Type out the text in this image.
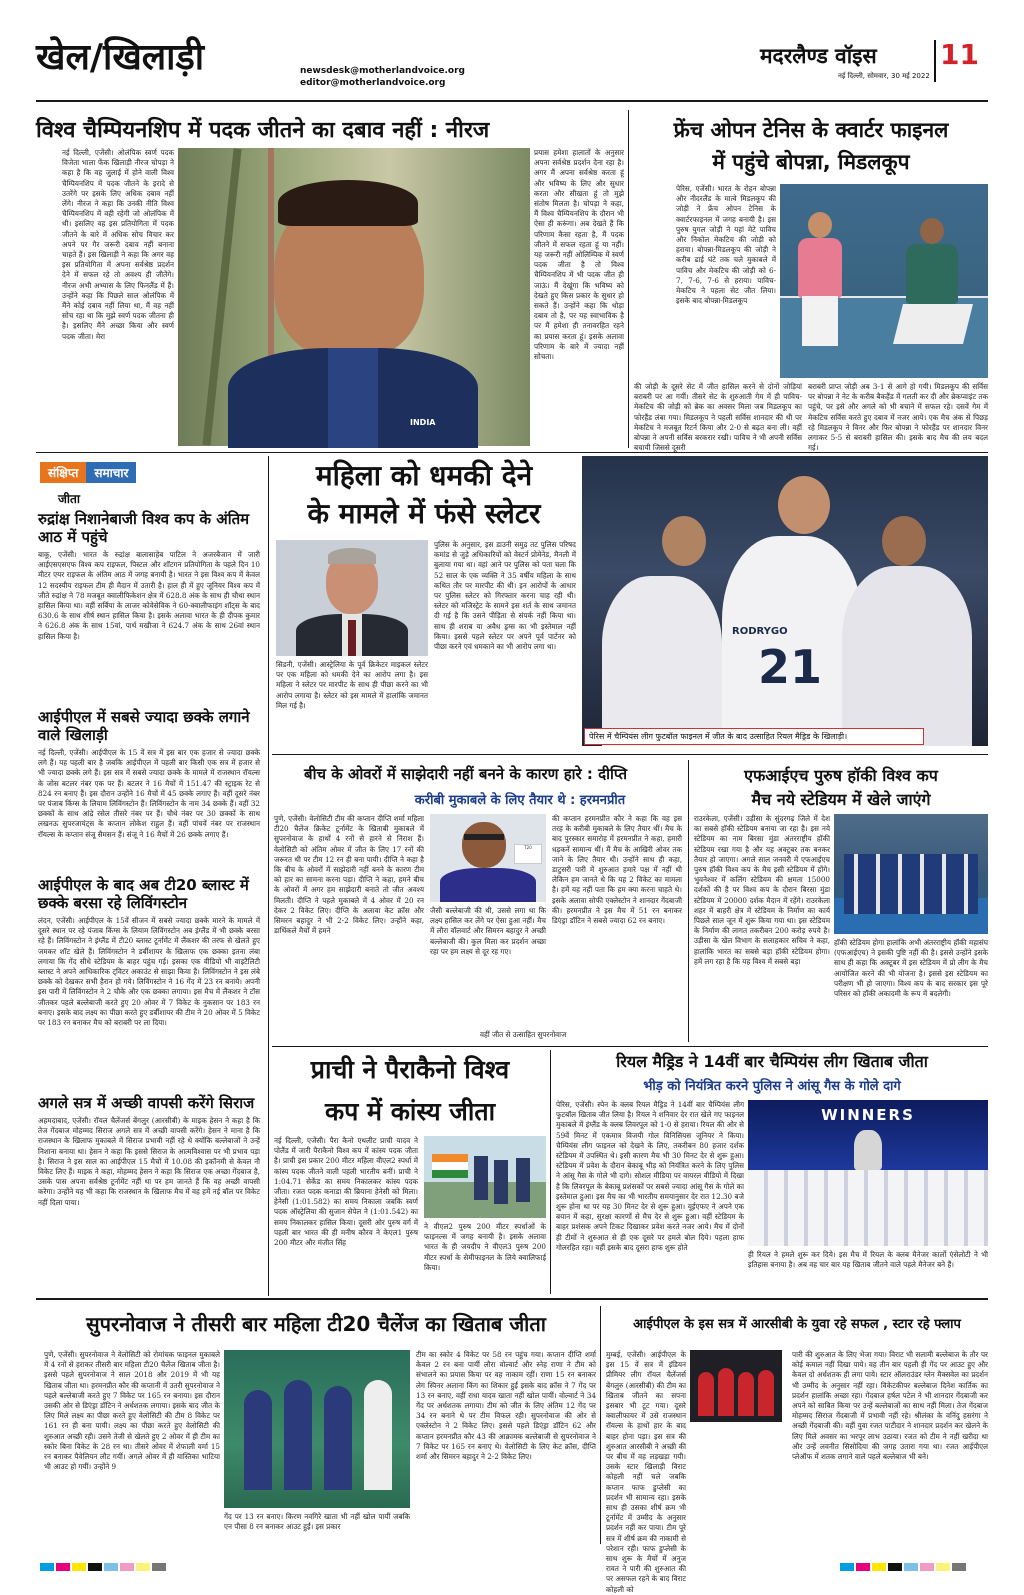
खेल/खिलाड़ी	newsdesk@motherlandvoice.org
editor@motherlandvoice.org
मदरलैण्ड वॉइस 11
नई दिल्ली, सोमवार, 30 मई 2022
विश्व चैम्पियनशिप में पदक जीतने का दबाव नहीं : नीरज
नई दिल्ली, एजेंसी। ओलंपिक स्वर्ण पदक विजेता भाला फेंक खिलाड़ी नीरज चोपड़ा ने कहा है कि वह जुलाई में होने वाली विश्व चैम्पियनशिप में पदक जीतने के इरादे से उतरेंगे पर इसके लिए अधिक दबाव नहीं लेंगे। नीरज ने कहा कि उनकी नीति विश्व चैम्पियनशिप में वही रहेगी जो ओलंपिक में थी। इसलिए वह इस प्रतियोगिता में पदक जीतने के बारे में अधिक सोच विचार कर अपने पर गैर जरूरी दबाव नहीं बनाना चाहते हैं। इस खिलाड़ी ने कहा कि अगर वह इस प्रतियोगिता में अपना सर्वश्रेष्ठ प्रदर्शन देने में सफल रहे तो अवश्य ही जीतेंगे। नीरज अभी अभ्यास के लिए फिनलैंड में हैं। उन्होंने कहा कि पिछले साल ओलंपिक में मैंने कोई दबाव नहीं लिया था, मैं वह नहीं सोच रहा था कि मुझे स्वर्ण पदक जीतना ही है। इसलिए मैंने अच्छा किया और स्वर्ण पदक जीता। मेरा
INDIA
प्रयास हमेशा हालातों के अनुसार अपना सर्वश्रेष्ठ प्रदर्शन देना रहा है। अगर मैं अपना सर्वश्रेष्ठ करता हूं और भविष्य के लिए और सुधार करता और सीखता हूं तो मुझे संतोष मिलता है। चोपड़ा ने कहा, मैं विश्व चैम्पियनशिप के दौरान भी ऐसा ही करूंगा। अब देखते हैं कि परिणाम कैसा रहता है, मैं पदक जीतने में सफल रहता हूं या नहीं। यह जरूरी नहीं ओलिम्पिक में स्वर्ण पदक जीता है तो विश्व चैम्पियनशिप में भी पदक जीत ही जाऊं। मैं देखूंगा कि भविष्य को देखते हुए किस प्रकार के सुधार हो सकते हैं। उन्होंने कहा कि थोड़ा दबाव तो है, पर यह स्वाभाविक है पर मैं हमेशा ही तनावरहित रहने का प्रयास करता हूं। इसके अलावा परिणाम के बारे में ज्यादा नहीं सोचता।
फ्रेंच ओपन टेनिस के क्वार्टर फाइनल
में पहुंचे बोपन्ना, मिडलकूप
पेरिस, एजेंसी। भारत के रोहन बोपन्ना और नीदरलैंड के मात्वे मिडलकूप की जोड़ी ने फ्रेंच ओपन टेनिस के क्वार्टरफाइनल में जगह बनायी है। इस पुरुष युगल जोड़ी ने यहां मेटे पाविच और निकोल मेकटिच की जोड़ी को हराया। बोपन्ना-मिडलकूप की जोड़ी ने करीब ढाई घंटे तक चले मुकाबले में पाविच और मेकटिच की जोड़ी को 6-7, 7-6, 7-6 से हराया। पाविच-मेकटिच ने पहला सेट जीत लिया। इसके बाद बोपन्ना-मिडलकूप
की जोड़ी के दूसरे सेट में जीत हासिल करने से दोनों जोड़ियां बराबरी पर आ गयीं। तीसरे सेट के शुरुआती गेम में ही पाविच-मेकटिच की जोड़ी को ब्रेक का अवसर मिला जब मिडलकूप का फोरहैंड लंबा गया। मिडलकूप ने पहली सर्विस शानदार की थी पर मेकटिच ने मजबूत रिटर्न किया और 2-0 से बढ़त बना ली। वहीं बोपन्ना ने अपनी सर्विस बरकरार रखी। पाविच ने भी अपनी सर्विस बचायी जिससे दूसरी
बराबरी प्राप्त जोड़ी अब 3-1 से आगे हो गयी। मिडलकूप की सर्विस पर बोपन्ना ने नेट के करीब बैकहैंड में गलती कर दी और ब्रेकप्वाइंट तक पहुंचे, पर इसे और अगले को भी बचाने में सफल रहे। दसवें गेम में मेकटिच सर्विस करते हुए दबाव में नजर आये। एक मैच अंक से पिछड़ रहे मिडलकूप ने विनर और फिर बोपन्ना ने फोरहैंड पर शानदार विनर लगाकर 5-5 से बराबरी हासिल की। इसके बाद मैच की लय बदल गई।
संक्षिप्त समाचार
जीता
रुद्रांक्ष निशानेबाजी विश्व कप के अंतिम आठ में पहुंचे
बाकू, एजेंसी। भारत के रुद्रांक्ष बालासाहेब पाटिल ने अजरबैजान में जारी आईएसएसएफ विश्व कप राइफल, पिस्टल और शॉटगन प्रतियोगिता के पहले दिन 10 मीटर एयर राइफल के अंतिम आठ में जगह बनायी है। भारत ने इस विश्व कप में केवल 12 सदस्यीय राइफल टीम ही मैदान में उतारी है। हाल ही में हुए जूनियर विश्व कप में जीते रुद्रांक्ष ने 78 मजबूत क्वालीफिकेशन क्षेत्र में 628.8 अंक के साथ ही चौथा स्थान हासिल किया था। वहीं सर्बिया के लाजर कोवेसेविक ने 60-क्वालीफाइंग शॉट्स के बाद 630.6 के साथ शीर्ष स्थान हासिल किया है। इसके अलावा भारत के ही दीपक कुमार ने 626.8 अंक के साथ 15वां, पार्थ मखीजा ने 624.7 अंक के साथ 26वां स्थान हासिल किया है।
आईपीएल में सबसे ज्यादा छक्के लगाने वाले खिलाड़ी
नई दिल्ली, एजेंसी। आईपीएल के 15 वें सत्र में इस बार एक हजार से ज्यादा छक्के लगे हैं। यह पहली बार है जबकि आईपीएल में पहली बार किसी एक सत्र में हजार से भी ज्यादा छक्के लगे हैं। इस सत्र में सबसे ज्यादा छक्के के मामले में राजस्थान रॉयल्स के जोस बटलर नंबर एक पर हैं। बटलर ने 16 मैचों में 151.47 की स्ट्राइक रेट से 824 रन बनाए हैं। इस दौरान उन्होंने 16 मैचों में 45 छक्के लगाए हैं। वहीं दूसरे नंबर पर पंजाब किंग्स के लियाम लिविंगस्टोन हैं। लिविंगस्टोन के नाम 34 छक्के हैं। वहीं 32 छक्कों के साथ आंद्रे रसेल तीसरे नंबर पर हैं। चौथे नंबर पर 30 छक्कों के साथ लखनऊ सुपरजायंट्स के कप्तान लोकेश राहुल हैं। वहीं पांचवें नंबर पर राजस्थान रॉयल्स के कप्तान संजू सैमसन हैं। संजू ने 16 मैचों में 26 छक्के लगाए हैं।
आईपीएल के बाद अब टी20 ब्लास्ट में छक्के बरसा रहे लिविंगस्टोन
लंदन, एजेंसी। आईपीएल के 15वें सीजन में सबसे ज्यादा छक्के मारने के मामले में दूसरे स्थान पर रहे पंजाब किंग्स के लियाम लिविंगस्टोन अब इंग्लैंड में भी छक्के बरसा रहे हैं। लिविंगस्टोन ने इंग्लैंड में टी20 ब्लास्ट टूर्नामेंट में लैंकशर की तरफ से खेलते हुए जमकर शॉट खेले हैं। लिविंगस्टोन ने डर्बीशायर के खिलाफ एक छक्का इतना लंबा लगाया कि गेंद सीधे स्टेडियम के बाहर पहुंच गई। इसका एक वीडियो भी वाइटैलिटी ब्लास्ट ने अपने आधिकारिक ट्विटर अकाउंट से साझा किया है। लिविंगस्टोन ने इस लंबे छक्के को देखकर सभी हैरान हो गये। लिविंगस्टोन ने 16 गेंद में 23 रन बनाये। अपनी इस पारी में लिविंगस्टोन ने 2 चौके और एक छक्का लगाया। इस मैच में लैंकशर ने टॉस जीतकर पहले बल्लेबाजी करते हुए 20 ओवर में 7 विकेट के नुकसान पर 183 रन बनाए। इसके बाद लक्ष्य का पीछा करते हुए डर्बीशायर की टीम ने 20 ओवर में 5 विकेट पर 183 रन बनाकर मैच को बराबरी पर ला दिया।
अगले सत्र में अच्छी वापसी करेंगे सिराज
अहमदाबाद, एजेंसी। रॉयल चैलेंजर्स बेंगलुर (आरसीबी) के माइक हेसन ने कहा है कि तेज गेंदबाज मोहम्मद सिराज अगले सत्र में अच्छी वापसी करेंगे। हेसन ने माना है कि राजस्थान के खिलाफ मुकाबले में सिराज प्रभावी नहीं रहे थे क्योंकि बल्लेबाजों ने उन्हें निशाना बनाया था। हेसन ने कहा कि इससे सिराज के आत्मविश्वास पर भी प्रभाव पड़ा है। सिराज ने इस साल का आईपीएल 15 मैचों में 10.08 की इकॉनमी से केवल नौ विकेट लिए हैं। माइक ने कहा, मोहम्मद हेसन ने कहा कि सिराज एक अच्छा गेंदबाज है, उसके पास अपना सर्वश्रेष्ठ टूर्नामेंट नहीं था पर हम जानते हैं कि वह अच्छी वापसी करेगा। उन्होंने यह भी कहा कि राजस्थान के खिलाफ मैच में वह हमें नई बॉल पर विकेट नहीं दिला पाया।
महिला को धमकी देने
के मामले में फंसे स्लेटर
सिडनी, एजेंसी। आस्ट्रेलिया के पूर्व क्रिकेटर माइकल स्लेटर पर एक महिला को धमकी देने का आरोप लगा है। इस महिला ने स्लेटर पर मारपीट के साथ ही पीछा करने का भी आरोप लगाया है। स्लेटर को इस मामले में हालांकि जमानत मिल गई है।
पुलिस के अनुसार, इस डाउनी समुद्र तट पुलिस परिषद कमांड से जुड़े अधिकारियों को वेस्टर्न प्रोमेनेड, मैनली में बुलाया गया था। वहां आने पर पुलिस को पता चला कि 52 साल के एक व्यक्ति ने 35 वर्षीय महिला के साथ कथित तौर पर मारपीट की थी। इन आरोपों के आधार पर पुलिस स्लेटर को गिरफ्तार करना चाह रही थी। स्लेटर को मजिस्ट्रेट के सामने इस शर्त के साथ जमानत दी गई है कि उसने पीड़िता से संपर्क नहीं किया था। साथ ही शराब या अवैध ड्रग्स का भी इस्तेमाल नहीं किया। इससे पहले स्लेटर पर अपने पूर्व पार्टनर को पीछा करने एवं धमकाने का भी आरोप लगा था।
RODRYGO
21
पेरिस में चैम्पियंस लीग फुटबॉल फाइनल में जीत के बाद उत्साहित रियल मैड्रिड के खिलाड़ी।
बीच के ओवरों में साझेदारी नहीं बनने के कारण हारे : दीप्ति
करीबी मुकाबले के लिए तैयार थे : हरमनप्रीत
पुणे, एजेंसी। वेलोसिटी टीम की कप्तान दीप्ति शर्मा महिला टी20 चैलेंज क्रिकेट टूर्नामेंट के खिताबी मुकाबले में सुपरनोवाज के हाथों 4 रनों से हारने से निराश हैं। वेलोसिटी को अंतिम ओवर में जीत के लिए 17 रनों की जरूरत थी पर टीम 12 रन ही बना पायी। दीप्ति ने कहा है कि बीच के ओवरों में साझेदारी नहीं बनने के कारण टीम को हार का सामना करना पड़ा। दीप्ति ने कहा, हमने बीच के ओवरों में अगर हम साझेदारी बनाते तो जीत अवश्य मिलती। दीप्ति ने पहले मुकाबले में 4 ओवर में 20 रन देकर 2 विकेट लिए। दीप्ति के अलावा केट क्रॉस और सिमरन बहादुर ने भी 2-2 विकेट लिए। उन्होंने कहा, डाथिंकले मैचों में हमने
T20
जैसी बल्लेबाजी की थी, उससे लगा था कि लक्ष्य हासिल कर लेंगे पर ऐसा हुआ नहीं। मैच में लौरा वॉलवार्ट और सिमरन बहादुर ने अच्छी बल्लेबाजी की। कुल मिला कर प्रदर्शन अच्छा रहा पर हम लक्ष्य से दूर रह गए।
वहीं जीत से उत्साहित सुपरनोवाज
की कप्तान हरमनप्रीत कौर ने कहा कि वह इस तरह के करीबी मुकाबले के लिए तैयार थीं। मैच के बाद पुरस्कार समारोह में हरमनप्रीत ने कहा, हमारी धड़कनें सामान्य थीं। मैं मैच के आखिरी ओवर तक जाने के लिए तैयार थी। उन्होंने साथ ही कहा, डाटुसरी पारी में शुरुआत हमारे पक्ष में नहीं थी लेकिन हम जानते थे कि यह 2 विकेट का मामला है। हमें यह नहीं पता कि हम क्या करना चाहते थे। इसके अलावा सोफी एक्लेस्टोन ने शानदार गेंदबाजी की। हरमनप्रीत ने इस मैच में 51 रन बनाकर डिएंड्रा डॉटिन ने सबसे ज्यादा 62 रन बनाए।
एफआईएच पुरुष हॉकी विश्व कप
मैच नये स्टेडियम में खेले जाएंगे
राउरकेला, एजेंसी। उड़ीसा के सुंदरगढ़ जिले में देश का सबसे हॉकी स्टेडियम बनाया जा रहा है। इस नये स्टेडियम का नाम बिरसा मुंडा अंतरराष्ट्रीय हॉकी स्टेडियम रखा गया है और यह अक्टूबर तक बनकर तैयार हो जाएगा। अगले साल जनवरी में एफआईएच पुरुष हॉकी विश्व कप के मैच इसी स्टेडियम में होंगे। भुवनेश्वर में कलिंग स्टेडियम की क्षमता 15000 दर्शकों की है पर विश्व कप के दौरान बिरसा मुंडा स्टेडियम में 20000 दर्शक मैदान में रहेंगे। राउरकेला शहर में बाहरी क्षेत्र में स्टेडियम के निर्माण का कार्य पिछले साल जून में शुरू किया गया था। इस स्टेडियम के निर्माण की लागत तकरीबन 200 करोड़ रुपये है। उड़ीसा के खेल विभाग के सलाहकार सचिव ने कहा, हालांकि भारत का सबसे बड़ा हॉकी स्टेडियम होगा। हमें लग रहा है कि यह विश्व में सबसे बड़ा
हॉकी स्टेडियम होगा हालांकि अभी अंतरराष्ट्रीय हॉकी महासंघ (एफआईएच) ने इसकी पुष्टि नहीं की है। इससे उन्होंने इसके साथ ही कहा कि अक्टूबर में इस स्टेडियम में प्रो लीग के मैच आयोजित करने की भी योजना है। इससे इस स्टेडियम का परीक्षण भी हो जाएगा। विश्व कप के बाद सरकार इस पूरे परिसर को हॉकी अकादमी के रूप में बदलेगी।
प्राची ने पैराकैनो विश्व
कप में कांस्य जीता
नई दिल्ली, एजेंसी। पैरा कैनो एथलीट प्राची यादव ने पोलैंड में जारी पैराकैनो विश्व कप में कांस्य पदक जीता है। प्राची इस प्रकार 200 मीटर महिला वीएल2 स्पर्धा में कांस्य पदक जीतने वाली पहली भारतीय बनीं। प्राची ने 1:04.71 सेकेंड का समय निकालकर कांस्य पदक जीता। रजत पदक कनाडा की ब्रियाना हेनेसी को मिला। हेनेसी (1:01.582) का समय निकाला जबकि स्वर्ण पदक ऑस्ट्रेलिया की सुजान सेपेल ने (1:01.542) का समय निकालकर हासिल किया। दूसरी ओर पुरुष वर्ग में पहली बार भारत की ही मनीष कौरव ने केएल1 पुरुष 200 मीटर और मंजीत सिंह
ने वीएल2 पुरुष 200 मीटर स्पर्धाओं के फाइनल्स में जगह बनायी है। इसके अलावा भारत के ही जयदीप ने वीएल3 पुरुष 200 मीटर स्पर्धा के सेमीफाइनल के लिये क्वालिफाई किया।
रियल मैड्रिड ने 14वीं बार चैम्पियंस लीग खिताब जीता
भीड़ को नियंत्रित करने पुलिस ने आंसू गैस के गोले दागे
पेरिस, एजेंसी। स्पेन के क्लब रियल मैड्रिड ने 14वीं बार चैम्पियंस लीग फुटबॉल खिताब जीत लिया है। रियल ने शनिवार देर रात खेले गए फाइनल मुकाबले में इंग्लैंड के क्लब लिवरपूल को 1-0 से हराया। रियल की ओर से 59वें मिनट में एकमात्र विजयी गोल विनिसियस जूनियर ने किया। चैम्पियंस लीग फाइनल को देखने के लिए, तकरीबन 80 हजार दर्शक स्टेडियम में उपस्थित थे। इसी कारण मैच भी 30 मिनट देर से शुरू हुआ। स्टेडियम में प्रवेश के दौरान बेकाबू भीड़ को नियंत्रित करने के लिए पुलिस ने आंसू गैस के गोले भी दागे। सोशल मीडिया पर वायरल वीडियो में दिखा है कि लिवरपूल के बेकाबू प्रशंसकों पर सबसे ज्यादा आंसू गैस के गोले का इस्तेमाल हुआ। इस मैच का भी भारतीय समयानुसार देर रात 12.30 बजे शुरू होना था पर यह 30 मिनट देर से शुरू हुआ। यूईएफए ने अपने एक बयान में कहा, सुरक्षा कारणों से मैच देर से शुरू हुआ। वहीं स्टेडियम के बाहर प्रशंसक अपने टिकट दिखाकर प्रवेश करते नजर आये। मैच में दोनों ही टीमों ने शुरुआत से ही एक दूसरे पर हमले बोल दिये। पहला हाफ गोलरहित रहा। वहीं इसके बाद दूसरा हाफ शुरू होते
WINNERS
ही रियल ने हमले शुरू कर दिये। इस मैच में रियल के क्लब मैनेजर कार्लो एंसेलोटी ने भी इतिहास बनाया है। अब वह चार बार यह खिताब जीतने वाले पहले मैनेजर बने हैं।
सुपरनोवाज ने तीसरी बार महिला टी20 चैलेंज का खिताब जीता
पुणे, एजेंसी। सुपरनोवाज ने वेलोसिटी को रोमांचक फाइनल मुकाबले में 4 रनों से हराकर तीसरी बार महिला टी20 चैलेंज खिताब जीता है। इससे पहले सुपरनोवाज ने साल 2018 और 2019 में भी यह खिताब जीता था। हरमनप्रीत कौर की कप्तानी में उतरी सुपरनोवाज ने पहले बल्लेबाजी करते हुए 7 विकेट पर 165 रन बनाया। इस दौरान उसकी ओर से डिएंड्रा डॉटिन ने अर्धशतक लगाया। इसके बाद जीत के लिए मिले लक्ष्य का पीछा करते हुए वेलोसिटी की टीम 8 विकेट पर 161 रन ही बना पायी। लक्ष्य का पीछा करते हुए वेलोसिटी की शुरुआत अच्छी रही। उसने तेजी से खेलते हुए 2 ओवर में ही टीम का स्कोर बिना विकेट के 28 रन था। तीसरे ओवर में शेफाली वर्मा 15 रन बनाकर पैवेलियन लौट गयीं। अगले ओवर में ही यास्तिका भाटिया भी आउट हो गयीं। उन्होंने 9
गेंद पर 13 रन बनाए। किरण नवगिरे खाता भी नहीं खोल पायीं जबकि एन पीसा 8 रन बनाकर आउट हुईं। इस प्रकार
टीम का स्कोर 4 विकेट पर 58 रन पहुंच गया। कप्तान दीप्ति शर्मा केवल 2 रन बना पायीं लौरा वोल्वार्ट और स्नेह राणा ने टीम को संभालने का प्रयास किया पर वह नाकाम रहीं। राणा 15 रन बनाकर लेग स्पिनर अलाना किंग का शिकार हुईं इसके बाद क्रॉस ने 7 गेंद पर 13 रन बनाए, वहीं राधा यादव खाता नहीं खोल पायीं। वोल्वार्ट ने 34 गेंद पर अर्धशतक लगाया। टीम को जीत के लिए अंतिम 12 गेंद पर 34 रन बनाने थे पर टीम विफल रही। सुपरनोवाज की ओर से एक्लेस्टोन ने 2 विकेट लिए। इससे पहले डिएंड्रा डॉटिन 62 और कप्तान हरमनप्रीत कौर 43 की आक्रामक बल्लेबाजी से सुपरनोवाज ने 7 विकेट पर 165 रन बनाए थे। वेलोसिटी के लिए केट क्रॉस, दीप्ति शर्मा और सिमरन बहादुर ने 2-2 विकेट लिए।
आईपीएल के इस सत्र में आरसीबी के युवा रहे सफल , स्टार रहे फ्लाप
मुम्बई, एजेंसी। आईपीएल के इस 15 वें सत्र में इंडियन प्रीमियर लीग रॉयल चैलेंजर्स बेंगलुरु (आरसीबी) की टीम का खिताब जीतने का सपना इसबार भी टूट गया। दूसरे क्वालीफायर में उसे राजस्थान रॉयल्स के हाथों हार के बाद बाहर होना पड़ा। इस सत्र की शुरुआत आरसीबी ने अच्छी की पर बीच में वह लड़खड़ा गयी। उसके स्टार खिलाड़ी विराट कोहली नहीं चले जबकि कप्तान फाफ डुप्लेसी का प्रदर्शन भी सामान्य रहा। इसके साथ ही उसका शीर्ष क्रम भी टूर्नामेंट में उम्मीद के अनुसार प्रदर्शन नहीं कर पाया। टीम पूरे सत्र में शीर्ष क्रम की नाकामी से परेशान रही। फाफ डुप्लेसी के साथ शुरू के मैचों में अनुज रावत ने पारी की शुरुआत की पर असफल रहने के बाद विराट कोहली को
पारी की शुरुआत के लिए भेजा गया। विराट भी सलामी बल्लेबाज के तौर पर कोई कमाल नहीं दिखा पाये। वह तीन बार पहली ही गेंद पर आउट हुए और केवल दो अर्धशतक ही लगा पाये। स्टार ऑलराउंडर ग्लेन मैक्सवेल का प्रदर्शन भी उम्मीद के अनुसार नहीं रहा। विकेटकीपर बल्लेबाज दिनेश कार्तिक का प्रदर्शन हालांकि अच्छा रहा। गेंदबाज हर्षल पटेल ने भी शानदार गेंदबाजी कर अपने को साबित किया पर उन्हें बल्लेबाजों का साथ नहीं मिला। तेज गेंदबाज मोहम्मद सिराज गेंदबाजी में प्रभावी नहीं रहे। श्रीलंका के वनिंदु हसरंगा ने अच्छी गेंदबाजी की। वहीं युवा रजत पाटीदार ने शानदार प्रदर्शन कर खेलने के लिए मिले अवसर का भरपूर लाभ उठाया। रजत को टीम ने नहीं खरीदा था और उन्हें लवनीत सिसोदिया की जगह उतारा गया था। रजत आईपीएल प्लेऑफ में शतक लगाने वाले पहले बल्लेबाज भी बने।
